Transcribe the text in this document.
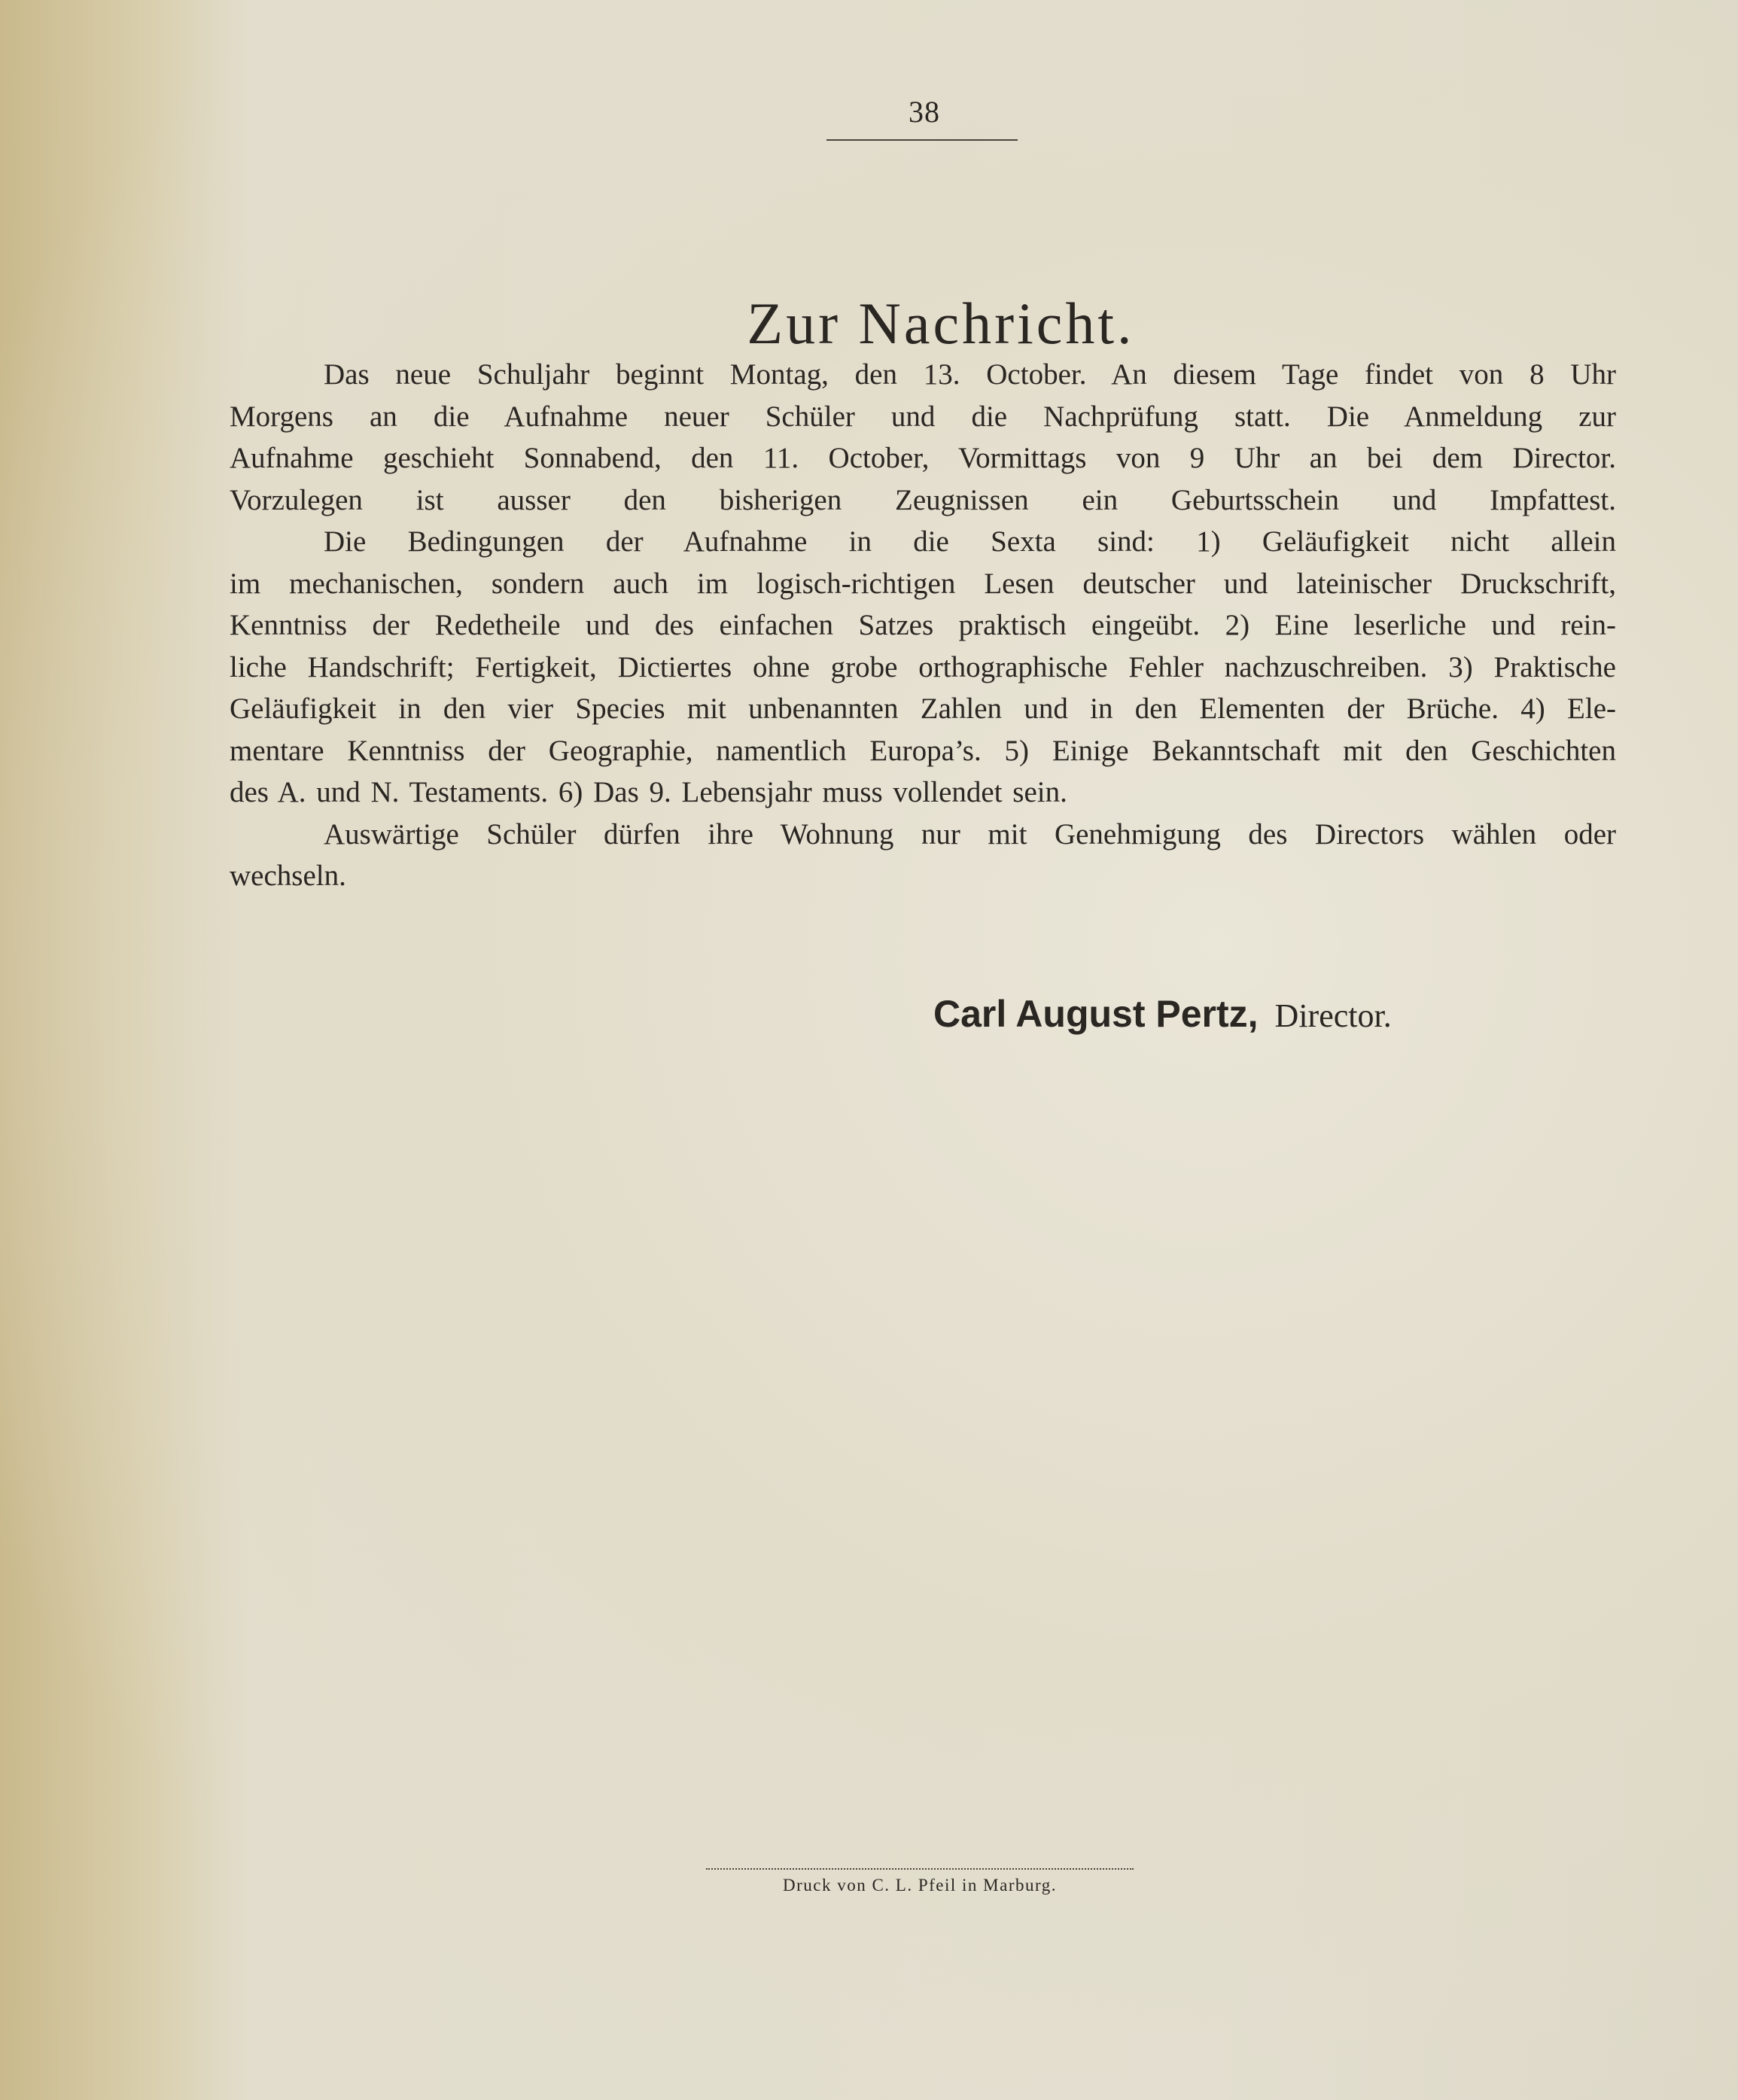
38
Zur Nachricht.
Das neue Schuljahr beginnt Montag, den 13. October. An diesem Tage findet von 8 Uhr
Morgens an die Aufnahme neuer Schüler und die Nachprüfung statt. Die Anmeldung zur
Aufnahme geschieht Sonnabend, den 11. October, Vormittags von 9 Uhr an bei dem Director.
Vorzulegen ist ausser den bisherigen Zeugnissen ein Geburtsschein und Impfattest.
Die Bedingungen der Aufnahme in die Sexta sind: 1) Geläufigkeit nicht allein
im mechanischen, sondern auch im logisch-richtigen Lesen deutscher und lateinischer Druckschrift,
Kenntniss der Redetheile und des einfachen Satzes praktisch eingeübt. 2) Eine leserliche und rein-
liche Handschrift; Fertigkeit, Dictiertes ohne grobe orthographische Fehler nachzuschreiben. 3) Praktische
Geläufigkeit in den vier Species mit unbenannten Zahlen und in den Elementen der Brüche. 4) Ele-
mentare Kenntniss der Geographie, namentlich Europa’s. 5) Einige Bekanntschaft mit den Geschichten
des A. und N. Testaments. 6) Das 9. Lebensjahr muss vollendet sein.
Auswärtige Schüler dürfen ihre Wohnung nur mit Genehmigung des Directors wählen oder
wechseln.
Carl August Pertz, Director.
Druck von C. L. Pfeil in Marburg.
